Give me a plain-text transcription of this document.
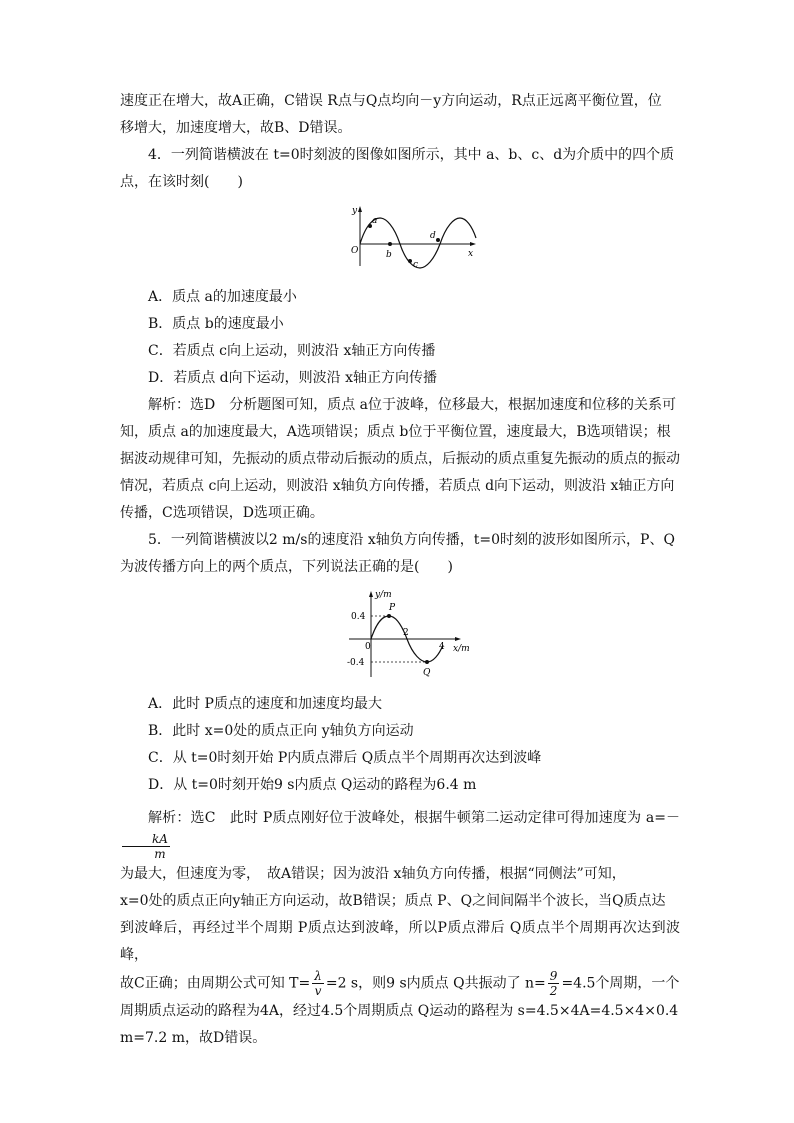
速度正在增大，故A正确，C错误 R点与Q点均向－y方向运动，R点正远离平衡位置，位

移增大，加速度增大，故B、D错误。

4．一列简谐横波在 t=0时刻波的图像如图所示，其中 a、b、c、d为介质中的四个质

点，在该时刻(　　)

y
x
O
a
b
c
d

A．质点 a的加速度最小

B．质点 b的速度最小

C．若质点 c向上运动，则波沿 x轴正方向传播

D．若质点 d向下运动，则波沿 x轴正方向传播

解析：选D　分析题图可知，质点 a位于波峰，位移最大，根据加速度和位移的关系可

知，质点 a的加速度最大，A选项错误；质点 b位于平衡位置，速度最大，B选项错误；根

据波动规律可知，先振动的质点带动后振动的质点，后振动的质点重复先振动的质点的振动

情况，若质点 c向上运动，则波沿 x轴负方向传播，若质点 d向下运动，则波沿 x轴正方向

传播，C选项错误，D选项正确。

5．一列简谐横波以2 m/s的速度沿 x轴负方向传播，t=0时刻的波形如图所示，P、Q

为波传播方向上的两个质点，下列说法正确的是(　　)

y/m
x/m
0
0.4
-0.4
2
4
P
Q

A．此时 P质点的速度和加速度均最大

B．此时 x=0处的质点正向 y轴负方向运动

C．从 t=0时刻开始 P内质点滞后 Q质点半个周期再次达到波峰

D．从 t=0时刻开始9 s内质点 Q运动的路程为6.4 m

解析：选C　此时 P质点刚好位于波峰处，根据牛顿第二运动定律可得加速度为 a=－
$\frac{kA}{m}$

为最大，但速度为零，　故A错误；因为波沿 x轴负方向传播，根据“同侧法”可知，

x=0处的质点正向y轴正方向运动，故B错误；质点 P、Q之间间隔半个波长，当Q质点达

到波峰后，再经过半个周期 P质点达到波峰，所以P质点滞后 Q质点半个周期再次达到波峰，

故C正确；由周期公式可知 $T= \frac{\lambda}{v} =2$ s，则9 s内质点 Q共振动了 $n= \frac{9}{2} =4.5$个周期，一个

周期质点运动的路程为4A，经过4.5个周期质点 Q运动的路程为 s=4.5×4A=4.5×4×0.4

m=7.2 m，故D错误。
